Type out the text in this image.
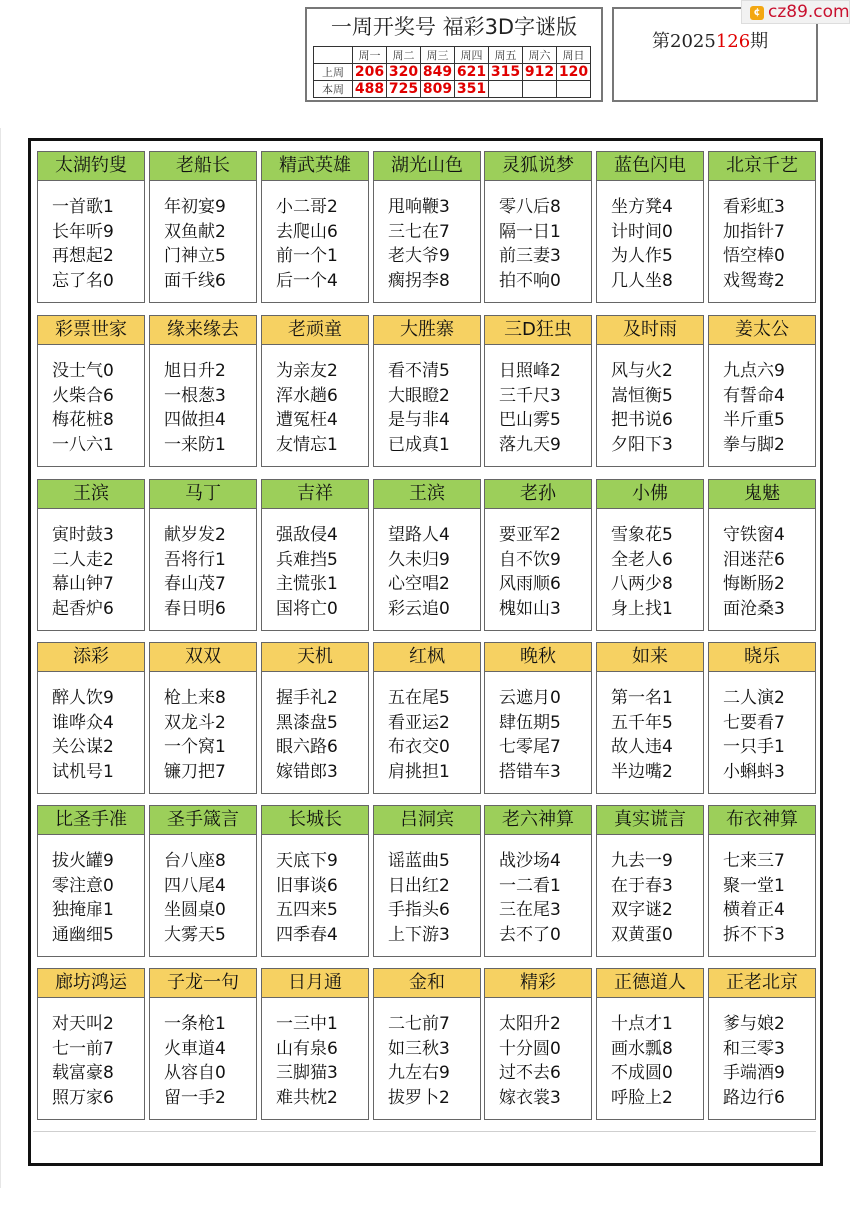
一周开奖号 福彩3D字谜版
	周一	周二	周三	周四	周五	周六	周日
上周	206	320	849	621	315	912	120
本周	488	725	809	351			
第2025126期
¢ cz89.com
太湖钓叟
一首歌1
长年听9
再想起2
忘了名0
老船长
年初宴9
双鱼献2
门神立5
面千线6
精武英雄
小二哥2
去爬山6
前一个1
后一个4
湖光山色
甩响鞭3
三七在7
老大爷9
瘸拐李8
灵狐说梦
零八后8
隔一日1
前三妻3
拍不响0
蓝色闪电
坐方凳4
计时间0
为人作5
几人坐8
北京千艺
看彩虹3
加指针7
悟空棒0
戏鸳鸯2
彩票世家
没士气0
火柴合6
梅花桩8
一八六1
缘来缘去
旭日升2
一根葱3
四做担4
一来防1
老顽童
为亲友2
浑水趟6
遭冤枉4
友情忘1
大胜寨
看不清5
大眼瞪2
是与非4
已成真1
三D狂虫
日照峰2
三千尺3
巴山雾5
落九天9
及时雨
风与火2
嵩恒衡5
把书说6
夕阳下3
姜太公
九点六9
有誓命4
半斤重5
拳与脚2
王滨
寅时鼓3
二人走2
幕山钟7
起香炉6
马丁
献岁发2
吾将行1
春山茂7
春日明6
吉祥
强敌侵4
兵难挡5
主慌张1
国将亡0
王滨
望路人4
久未归9
心空唱2
彩云追0
老孙
要亚军2
自不饮9
风雨顺6
槐如山3
小佛
雪象花5
全老人6
八两少8
身上找1
鬼魅
守铁窗4
泪迷茫6
悔断肠2
面沧桑3
添彩
醉人饮9
谁哗众4
关公谋2
试机号1
双双
枪上来8
双龙斗2
一个窝1
镰刀把7
天机
握手礼2
黑漆盘5
眼六路6
嫁错郎3
红枫
五在尾5
看亚运2
布衣交0
肩挑担1
晚秋
云遮月0
肆伍期5
七零尾7
搭错车3
如来
第一名1
五千年5
故人违4
半边嘴2
晓乐
二人演2
七要看7
一只手1
小蝌蚪3
比圣手准
拔火罐9
零注意0
独掩扉1
通幽细5
圣手箴言
台八座8
四八尾4
坐圆桌0
大雾天5
长城长
天底下9
旧事谈6
五四来5
四季春4
吕洞宾
谣蓝曲5
日出红2
手指头6
上下游3
老六神算
战沙场4
一二看1
三在尾3
去不了0
真实谎言
九去一9
在于春3
双字谜2
双黄蛋0
布衣神算
七来三7
聚一堂1
横着正4
拆不下3
廊坊鸿运
对天叫2
七一前7
载富豪8
照万家6
子龙一句
一条枪1
火車道4
从容自0
留一手2
日月通
一三中1
山有泉6
三脚猫3
难共枕2
金和
二七前7
如三秋3
九左右9
拔罗卜2
精彩
太阳升2
十分圆0
过不去6
嫁衣裳3
正德道人
十点才1
画水瓢8
不成圆0
呼脸上2
正老北京
爹与娘2
和三零3
手端酒9
路边行6
